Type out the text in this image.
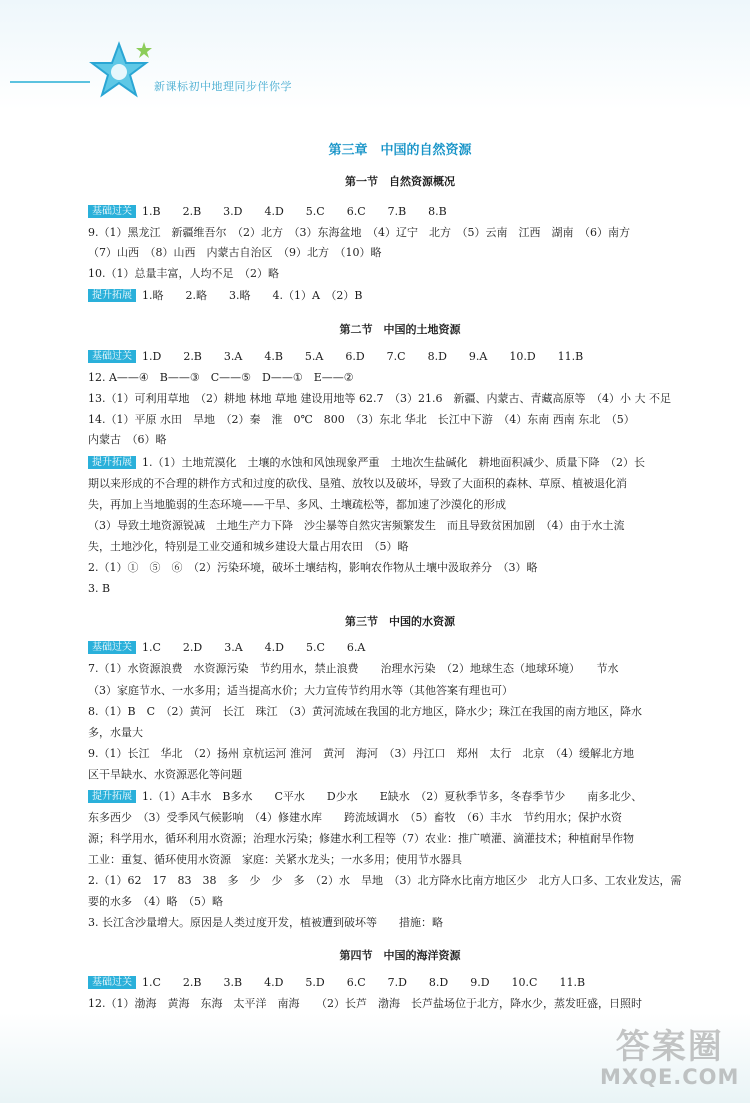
新课标初中地理同步伴你学
第三章　中国的自然资源
第一节　自然资源概况
基础过关 1.B　　2.B　　3.D　　4.D　　5.C　　6.C　　7.B　　8.B
9.（1）黑龙江　新疆维吾尔　（2）北方　（3）东海盆地　（4）辽宁　北方　（5）云南　江西　湖南　（6）南方
（7）山西　（8）山西　内蒙古自治区　（9）北方　（10）略
10.（1）总量丰富，人均不足　（2）略
提升拓展 1.略　　2.略　　3.略　　4.（1）A　（2）B
第二节　中国的土地资源
基础过关 1.D　　2.B　　3.A　　4.B　　5.A　　6.D　　7.C　　8.D　　9.A　　10.D　　11.B
12. A——④　B——③　C——⑤　D——①　E——②
13.（1）可利用草地　（2）耕地 林地 草地 建设用地等 62.7　（3）21.6　新疆、内蒙古、青藏高原等　（4）小 大 不足
14.（1）平原 水田　旱地　（2）秦　淮　0℃　800　（3）东北 华北　长江中下游　（4）东南 西南 东北　（5）
内蒙古　（6）略
提升拓展 1.（1）土地荒漠化　土壤的水蚀和风蚀现象严重　土地次生盐碱化　耕地面积减少、质量下降　（2）长
期以来形成的不合理的耕作方式和过度的砍伐、垦殖、放牧以及破坏，导致了大面积的森林、草原、植被退化消
失，再加上当地脆弱的生态环境——干旱、多风、土壤疏松等，都加速了沙漠化的形成
（3）导致土地资源锐减　土地生产力下降　沙尘暴等自然灾害频繁发生　而且导致贫困加剧　（4）由于水土流
失，土地沙化，特别是工业交通和城乡建设大量占用农田　（5）略
2.（1）①　⑤　⑥　（2）污染环境，破坏土壤结构，影响农作物从土壤中汲取养分　（3）略
3. B
第三节　中国的水资源
基础过关 1.C　　2.D　　3.A　　4.D　　5.C　　6.A
7.（1）水资源浪费　水资源污染　节约用水，禁止浪费　　治理水污染　（2）地球生态（地球环境）　　节水
（3）家庭节水、一水多用；适当提高水价；大力宣传节约用水等（其他答案有理也可）
8.（1）B　C　（2）黄河　长江　珠江　（3）黄河流域在我国的北方地区，降水少；珠江在我国的南方地区，降水
多，水量大
9.（1）长江　华北　（2）扬州 京杭运河 淮河　黄河　海河　（3）丹江口　郑州　太行　北京　（4）缓解北方地
区干旱缺水、水资源恶化等问题
提升拓展 1.（1）A丰水　B多水　　C平水　　D少水　　E缺水　（2）夏秋季节多，冬春季节少　　南多北少、
东多西少　（3）受季风气候影响　（4）修建水库　　跨流域调水　（5）畜牧　（6）丰水　节约用水；保护水资
源；科学用水，循环利用水资源；治理水污染；修建水利工程等（7）农业：推广喷灌、滴灌技术；种植耐旱作物
工业：重复、循环使用水资源　家庭：关紧水龙头；一水多用；使用节水器具
2.（1）62　17　83　38　多　少　少　多　（2）水　旱地　（3）北方降水比南方地区少　北方人口多、工农业发达，需
要的水多　（4）略　（5）略
3. 长江含沙量增大。原因是人类过度开发，植被遭到破坏等　　措施：略
第四节　中国的海洋资源
基础过关 1.C　　2.B　　3.B　　4.D　　5.D　　6.C　　7.D　　8.D　　9.D　　10.C　　11.B
12.（1）渤海　黄海　东海　太平洋　南海　　（2）长芦　渤海　长芦盐场位于北方，降水少，蒸发旺盛，日照时
答案圈
MXQE.COM
